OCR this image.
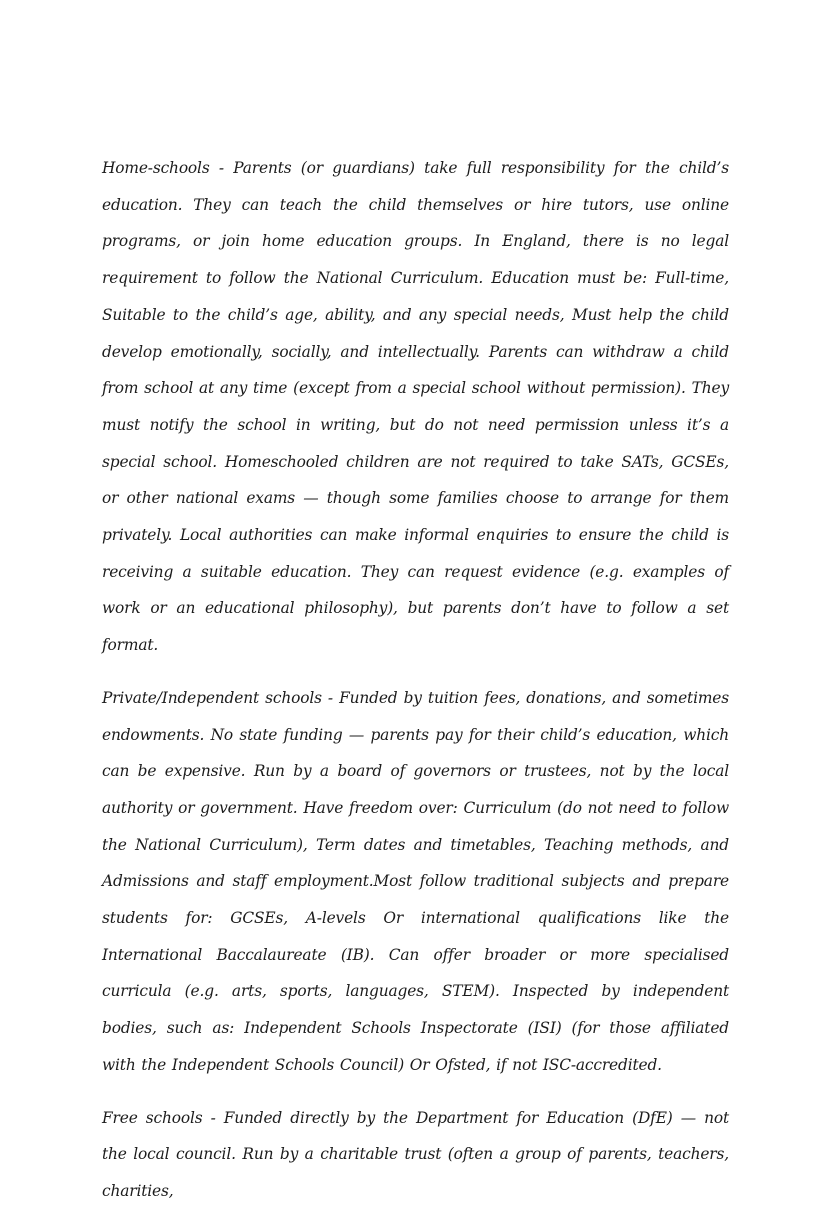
Home-schools - Parents (or guardians) take full responsibility for the child’s education. They can teach the child themselves or hire tutors, use online programs, or join home education groups. In England, there is no legal requirement to follow the National Curriculum. Education must be: Full-time, Suitable to the child’s age, ability, and any special needs, Must help the child develop emotionally, socially, and intellectually. Parents can withdraw a child from school at any time (except from a special school without permission). They must notify the school in writing, but do not need permission unless it’s a special school. Homeschooled children are not required to take SATs, GCSEs, or other national exams — though some families choose to arrange for them privately. Local authorities can make informal enquiries to ensure the child is receiving a suitable education. They can request evidence (e.g. examples of work or an educational philosophy), but parents don’t have to follow a set format.

Private/Independent schools - Funded by tuition fees, donations, and sometimes endowments. No state funding — parents pay for their child’s education, which can be expensive. Run by a board of governors or trustees, not by the local authority or government. Have freedom over: Curriculum (do not need to follow the National Curriculum), Term dates and timetables, Teaching methods, and Admissions and staff employment.Most follow traditional subjects and prepare students for: GCSEs, A-levels Or international qualifications like the International Baccalaureate (IB). Can offer broader or more specialised curricula (e.g. arts, sports, languages, STEM). Inspected by independent bodies, such as: Independent Schools Inspectorate (ISI) (for those affiliated with the Independent Schools Council) Or Ofsted, if not ISC-accredited.

Free schools - Funded directly by the Department for Education (DfE) — not the local council. Run by a charitable trust (often a group of parents, teachers, charities,
